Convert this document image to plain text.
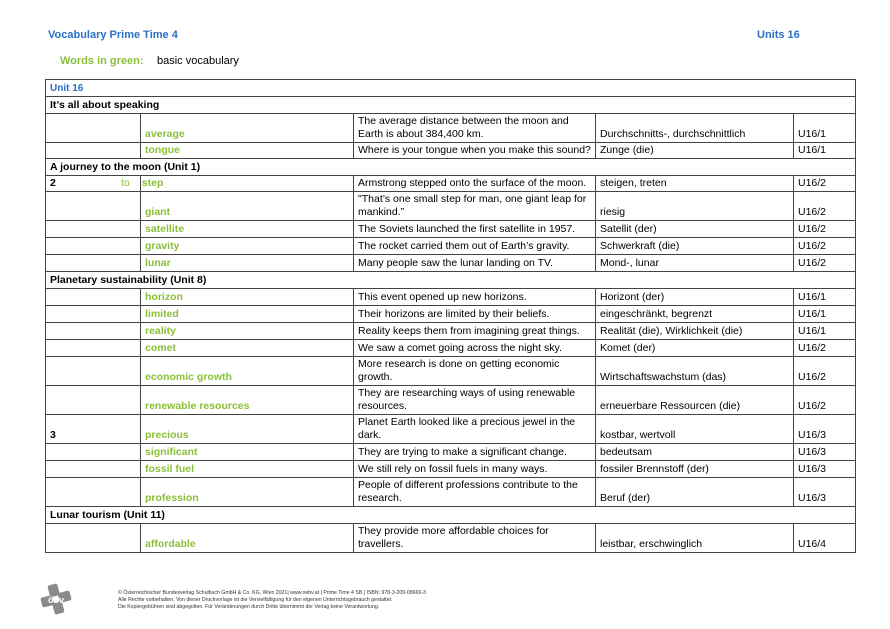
Vocabulary Prime Time 4	Units 16
Words in green: basic vocabulary
Unit 16				
It’s all about speaking				
	average	The average distance between the moon and Earth is about 384,400 km.	Durchschnitts-, durchschnittlich	U16/1
	tongue	Where is your tongue when you make this sound?	Zunge (die)	U16/1
A journey to the moon (Unit 1)				
2	to step	Armstrong stepped onto the surface of the moon.	steigen, treten	U16/2
	giant	"That’s one small step for man, one giant leap for mankind.”	riesig	U16/2
	satellite	The Soviets launched the first satellite in 1957.	Satellit (der)	U16/2
	gravity	The rocket carried them out of Earth’s gravity.	Schwerkraft (die)	U16/2
	lunar	Many people saw the lunar landing on TV.	Mond-, lunar	U16/2
Planetary sustainability (Unit 8)				
	horizon	This event opened up new horizons.	Horizont (der)	U16/1
	limited	Their horizons are limited by their beliefs.	eingeschränkt, begrenzt	U16/1
	reality	Reality keeps them from imagining great things.	Realität (die), Wirklichkeit (die)	U16/1
	comet	We saw a comet going across the night sky.	Komet (der)	U16/2
	economic growth	More research is done on getting economic growth.	Wirtschaftswachstum (das)	U16/2
	renewable resources	They are researching ways of using renewable resources.	erneuerbare Ressourcen (die)	U16/2
3	precious	Planet Earth looked like a precious jewel in the dark.	kostbar, wertvoll	U16/3
	significant	They are trying to make a significant change.	bedeutsam	U16/3
	fossil fuel	We still rely on fossil fuels in many ways.	fossiler Brennstoff (der)	U16/3
	profession	People of different professions contribute to the research.	Beruf (der)	U16/3
Lunar tourism (Unit 11)				
	affordable	They provide more affordable choices for travellers.	leistbar, erschwinglich	U16/4
öbv
© Österreichischer Bundesverlag Schulbuch GmbH & Co. KG, Wien 2021| www.oebv.at | Prime Time 4 SB | ISBN: 978-3-209-08669-3
Alle Rechte vorbehalten. Von dieser Druckvorlage ist die Vervielfältigung für den eigenen Unterrichtsgebrauch gestattet.
Die Kopiergebühren sind abgegolten. Für Veränderungen durch Dritte übernimmt der Verlag keine Verantwortung.
